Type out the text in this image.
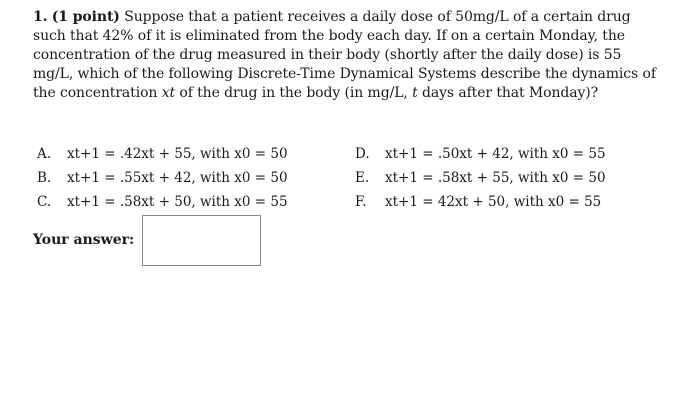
1. (1 point) Suppose that a patient receives a daily dose of 50mg/L of a certain drug such that 42% of it is eliminated from the body each day. If on a certain Monday, the concentration of the drug measured in their body (shortly after the daily dose) is 55 mg/L, which of the following Discrete-Time Dynamical Systems describe the dynamics of the concentration xt of the drug in the body (in mg/L, t days after that Monday)?
A.	xt+1 = .42xt + 55, with x0 = 50
B.	xt+1 = .55xt + 42, with x0 = 50
C.	xt+1 = .58xt + 50, with x0 = 55
D.	xt+1 = .50xt + 42, with x0 = 55
E.	xt+1 = .58xt + 55, with x0 = 50
F.	xt+1 = 42xt + 50, with x0 = 55
Your answer:
